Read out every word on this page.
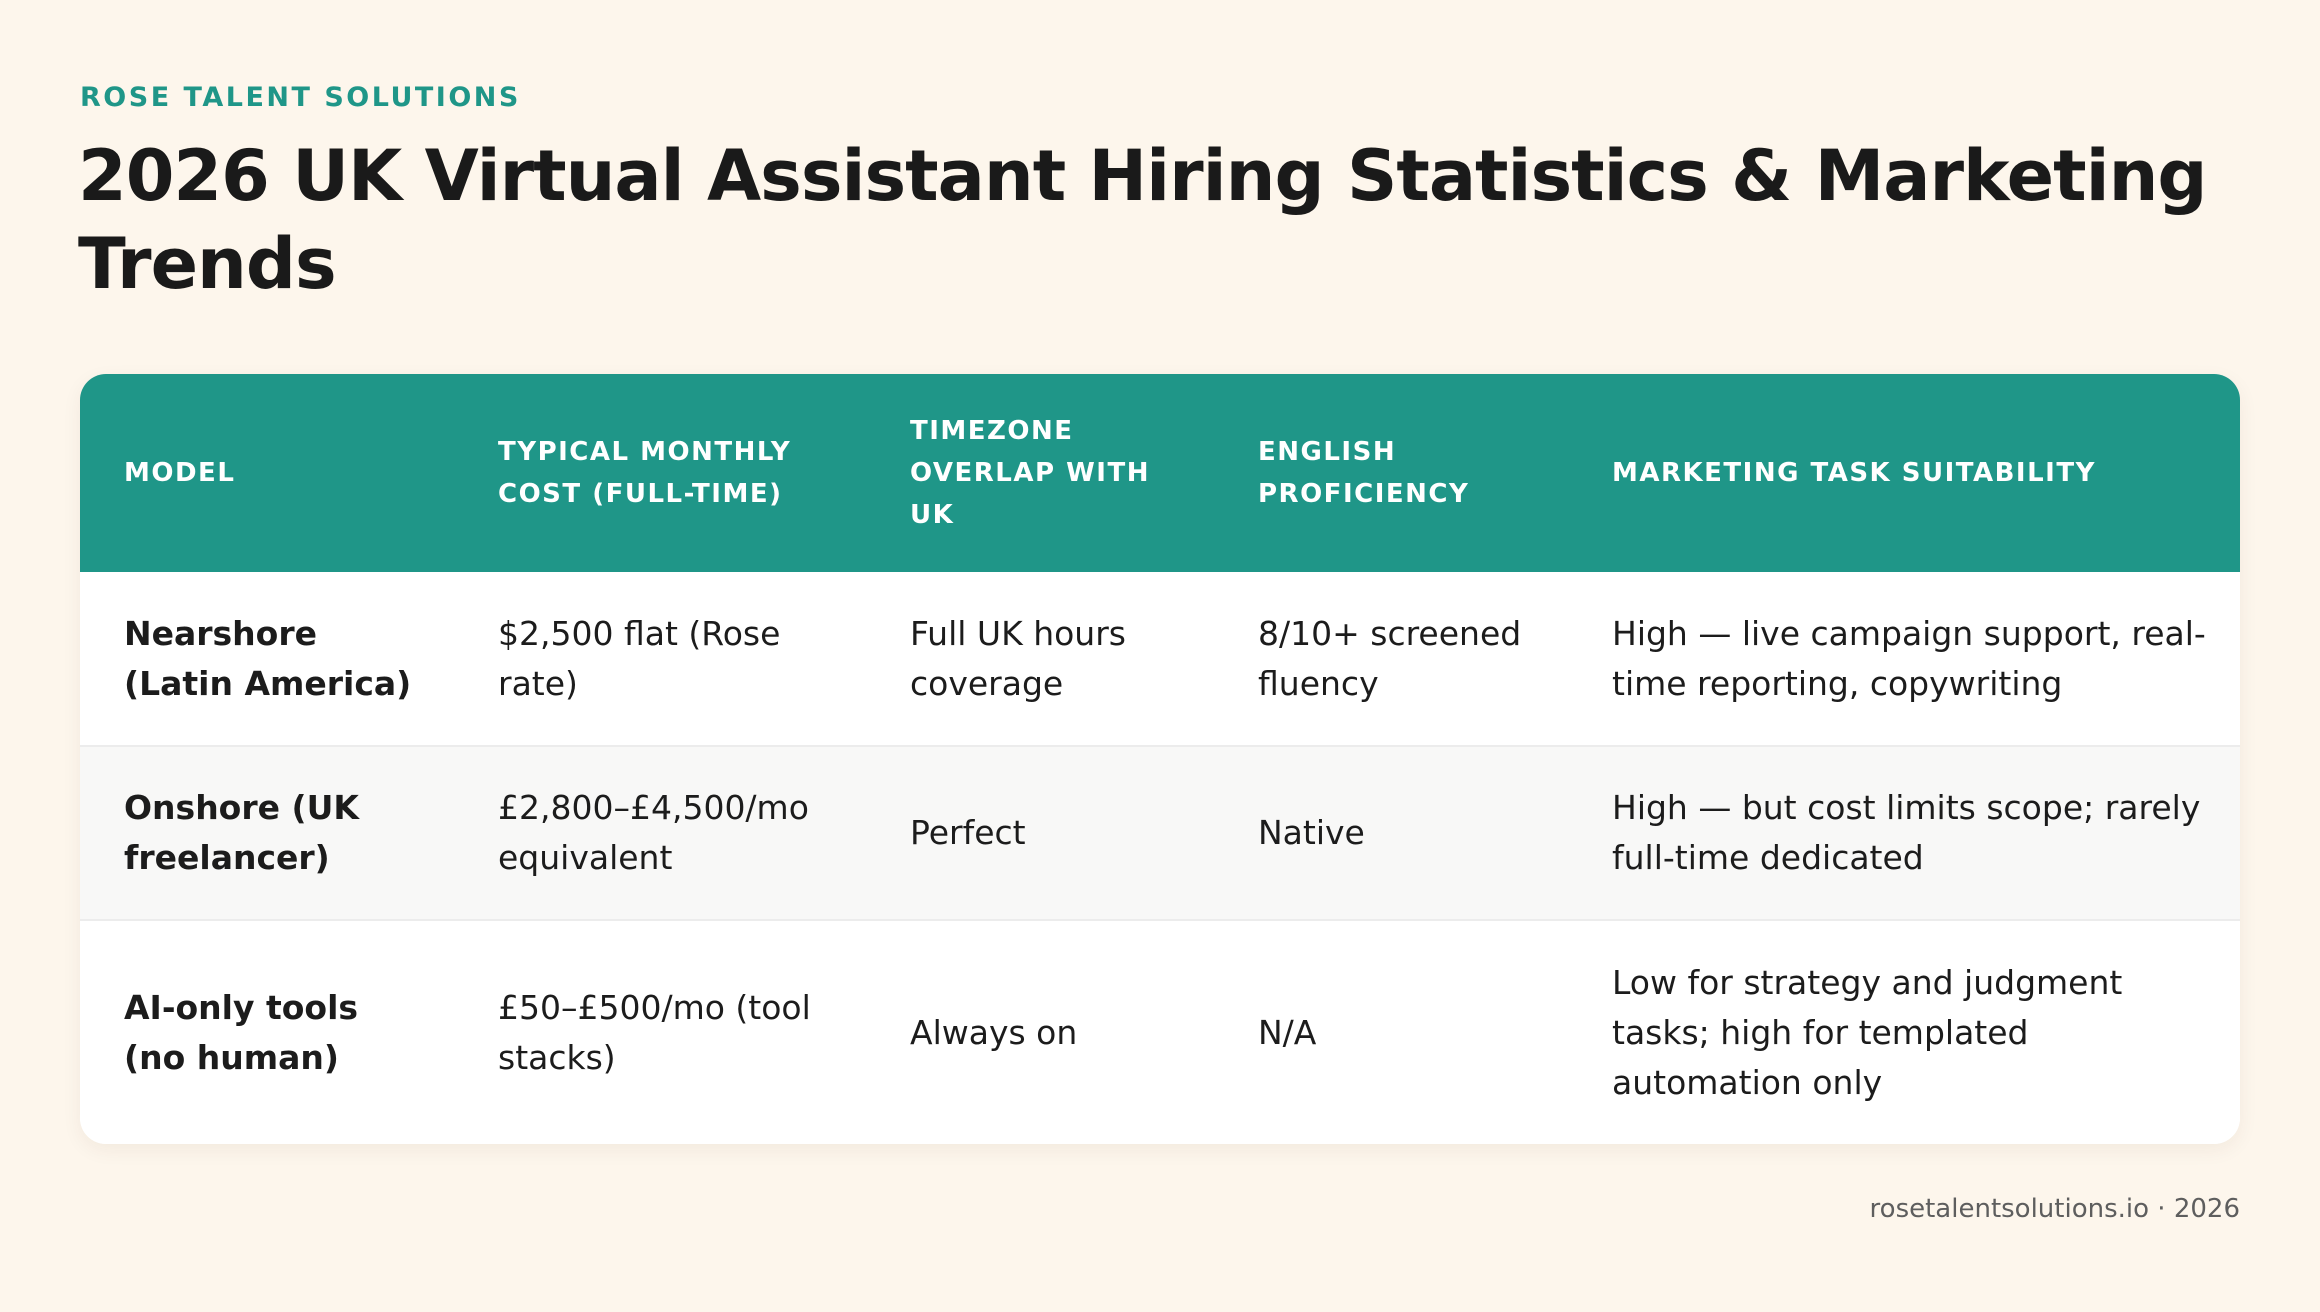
ROSE TALENT SOLUTIONS
2026 UK Virtual Assistant Hiring Statistics & Marketing Trends
MODEL	TYPICAL MONTHLY COST (FULL-TIME)	TIMEZONE OVERLAP WITH UK	ENGLISH PROFICIENCY	MARKETING TASK SUITABILITY
Nearshore (Latin America)	$2,500 flat (Rose rate)	Full UK hours coverage	8/10+ screened fluency	High — live campaign support, real-time reporting, copywriting
Onshore (UK freelancer)	£2,800–£4,500/mo equivalent	Perfect	Native	High — but cost limits scope; rarely full-time dedicated
AI-only tools (no human)	£50–£500/mo (tool stacks)	Always on	N/A	Low for strategy and judgment tasks; high for templated automation only
rosetalentsolutions.io · 2026
